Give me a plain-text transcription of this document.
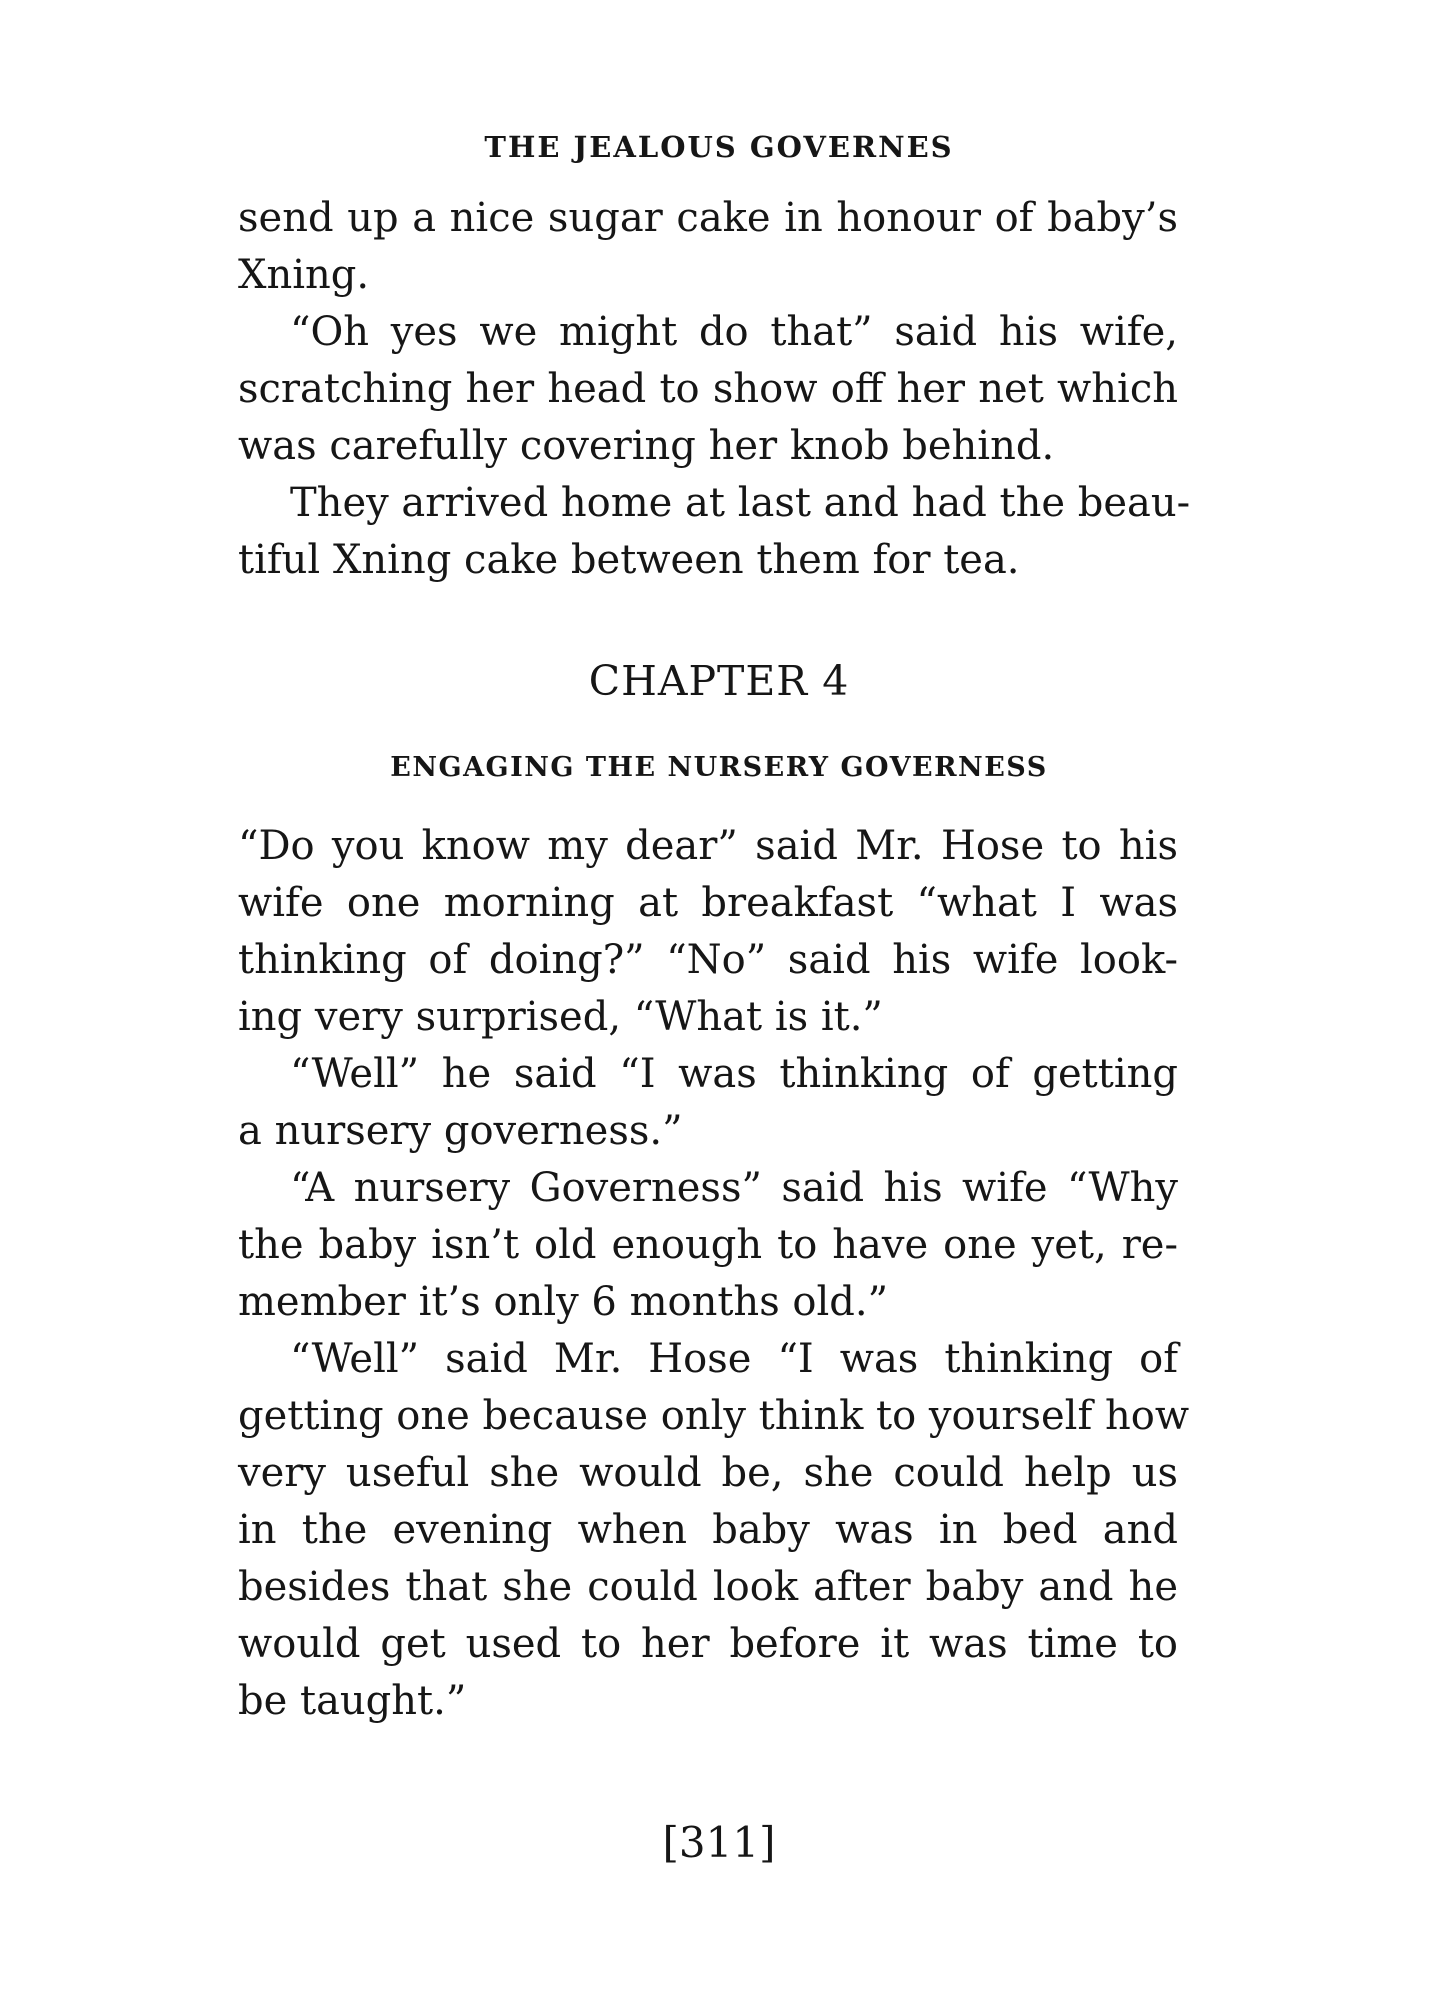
THE JEALOUS GOVERNES
send up a nice sugar cake in honour of baby’s
Xning.
“Oh yes we might do that” said his wife,
scratching her head to show off her net which
was carefully covering her knob behind.
They arrived home at last and had the beau-
tiful Xning cake between them for tea.
CHAPTER 4
ENGAGING THE NURSERY GOVERNESS
“Do you know my dear” said Mr. Hose to his
wife one morning at breakfast “what I was
thinking of doing?” “No” said his wife look-
ing very surprised, “What is it.”
“Well” he said “I was thinking of getting
a nursery governess.”
“A nursery Governess” said his wife “Why
the baby isn’t old enough to have one yet, re-
member it’s only 6 months old.”
“Well” said Mr. Hose “I was thinking of
getting one because only think to yourself how
very useful she would be, she could help us
in the evening when baby was in bed and
besides that she could look after baby and he
would get used to her before it was time to
be taught.”
[311]
